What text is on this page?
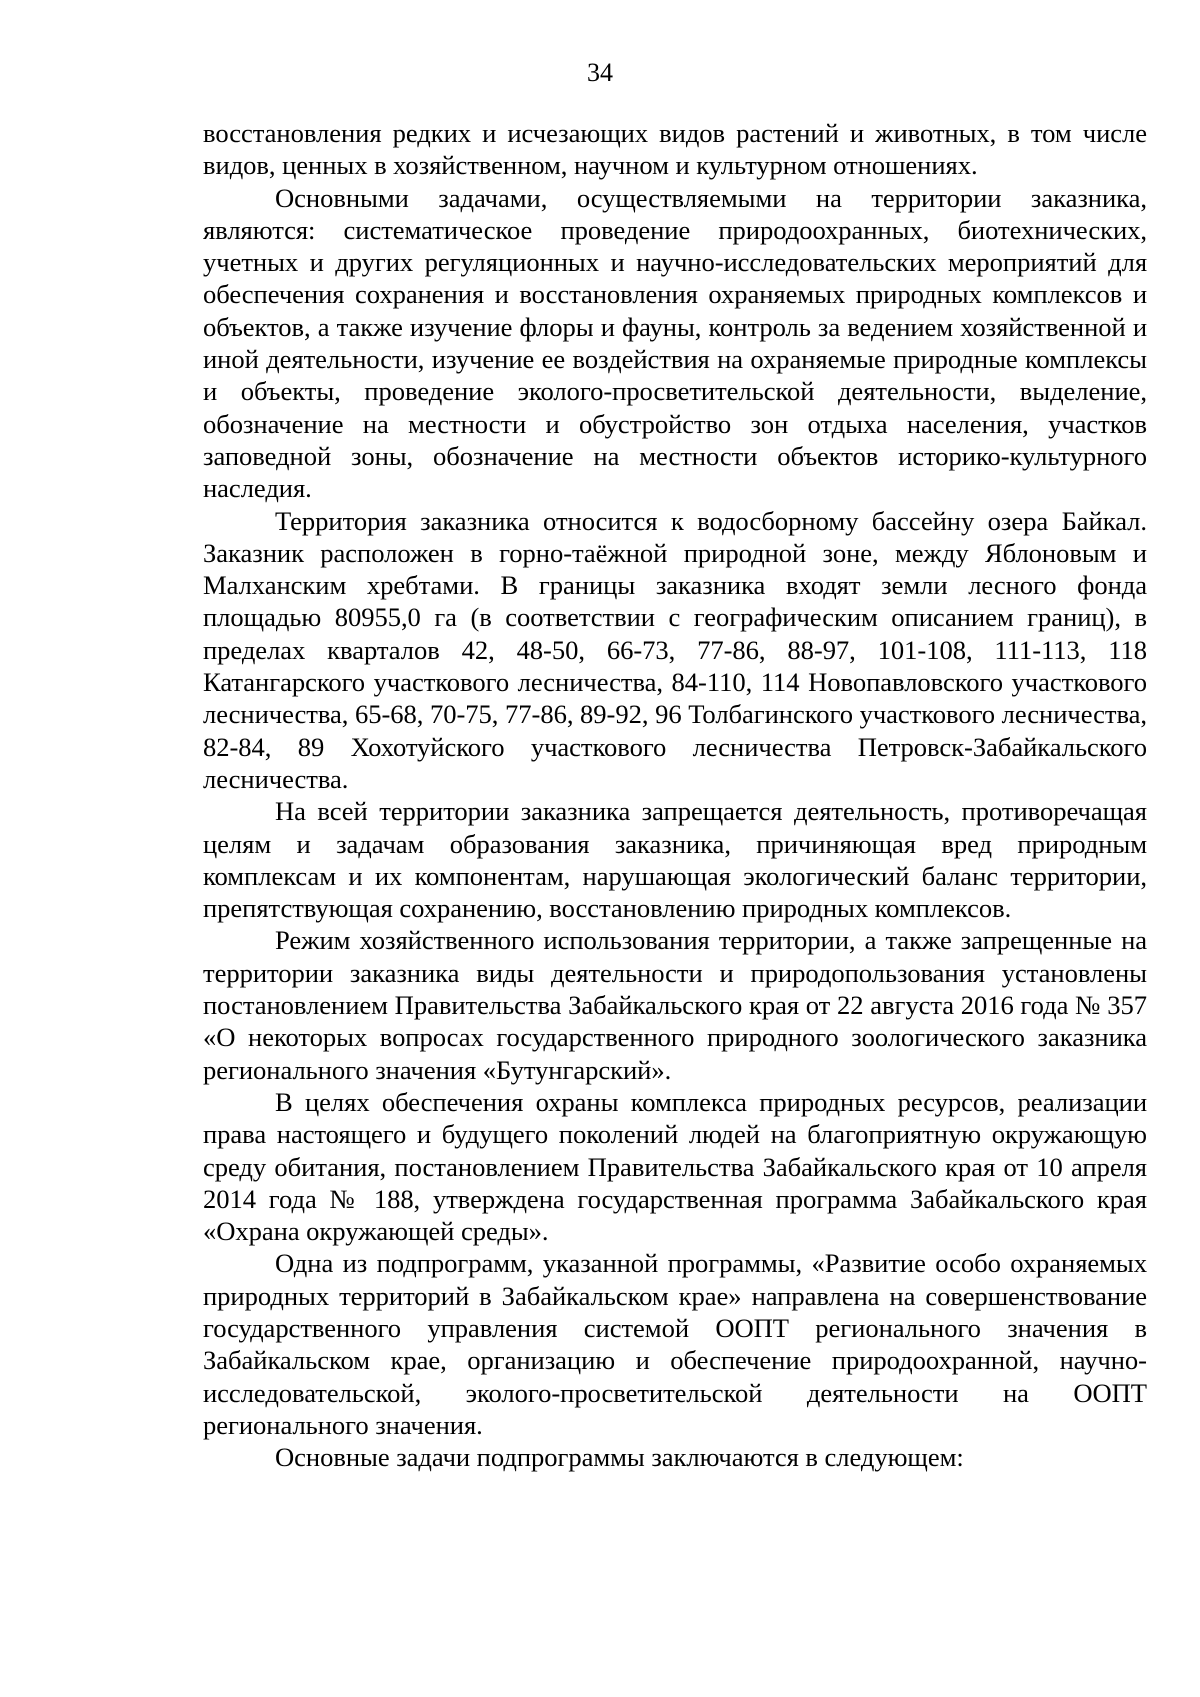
34

восстановления редких и исчезающих видов растений и животных, в том числе видов, ценных в хозяйственном, научном и культурном отношениях.

Основными задачами, осуществляемыми на территории заказника, являются: систематическое проведение природоохранных, биотехнических, учетных и других регуляционных и научно-исследовательских мероприятий для обеспечения сохранения и восстановления охраняемых природных комплексов и объектов, а также изучение флоры и фауны, контроль за ведением хозяйственной и иной деятельности, изучение ее воздействия на охраняемые природные комплексы и объекты, проведение эколого-просветительской деятельности, выделение, обозначение на местности и обустройство зон отдыха населения, участков заповедной зоны, обозначение на местности объектов историко-культурного наследия.

Территория заказника относится к водосборному бассейну озера Байкал. Заказник расположен в горно-таёжной природной зоне, между Яблоновым и Малханским хребтами. В границы заказника входят земли лесного фонда площадью 80955,0 га (в соответствии с географическим описанием границ), в пределах кварталов 42, 48-50, 66-73, 77-86, 88-97, 101-108, 111-113, 118 Катангарского участкового лесничества, 84-110, 114 Новопавловского участкового лесничества, 65-68, 70-75, 77-86, 89-92, 96 Толбагинского участкового лесничества, 82-84, 89 Хохотуйского участкового лесничества Петровск-Забайкальского лесничества.

На всей территории заказника запрещается деятельность, противоречащая целям и задачам образования заказника, причиняющая вред природным комплексам и их компонентам, нарушающая экологический баланс территории, препятствующая сохранению, восстановлению природных комплексов.

Режим хозяйственного использования территории, а также запрещенные на территории заказника виды деятельности и природопользования установлены постановлением Правительства Забайкальского края от 22 августа 2016 года № 357 «О некоторых вопросах государственного природного зоологического заказника регионального значения «Бутунгарский».

В целях обеспечения охраны комплекса природных ресурсов, реализации права настоящего и будущего поколений людей на благоприятную окружающую среду обитания, постановлением Правительства Забайкальского края от 10 апреля 2014 года № 188, утверждена государственная программа Забайкальского края «Охрана окружающей среды».

Одна из подпрограмм, указанной программы, «Развитие особо охраняемых природных территорий в Забайкальском крае» направлена на совершенствование государственного управления системой ООПТ регионального значения в Забайкальском крае, организацию и обеспечение природоохранной, научно-исследовательской, эколого-просветительской деятельности на ООПТ регионального значения.

Основные задачи подпрограммы заключаются в следующем:
